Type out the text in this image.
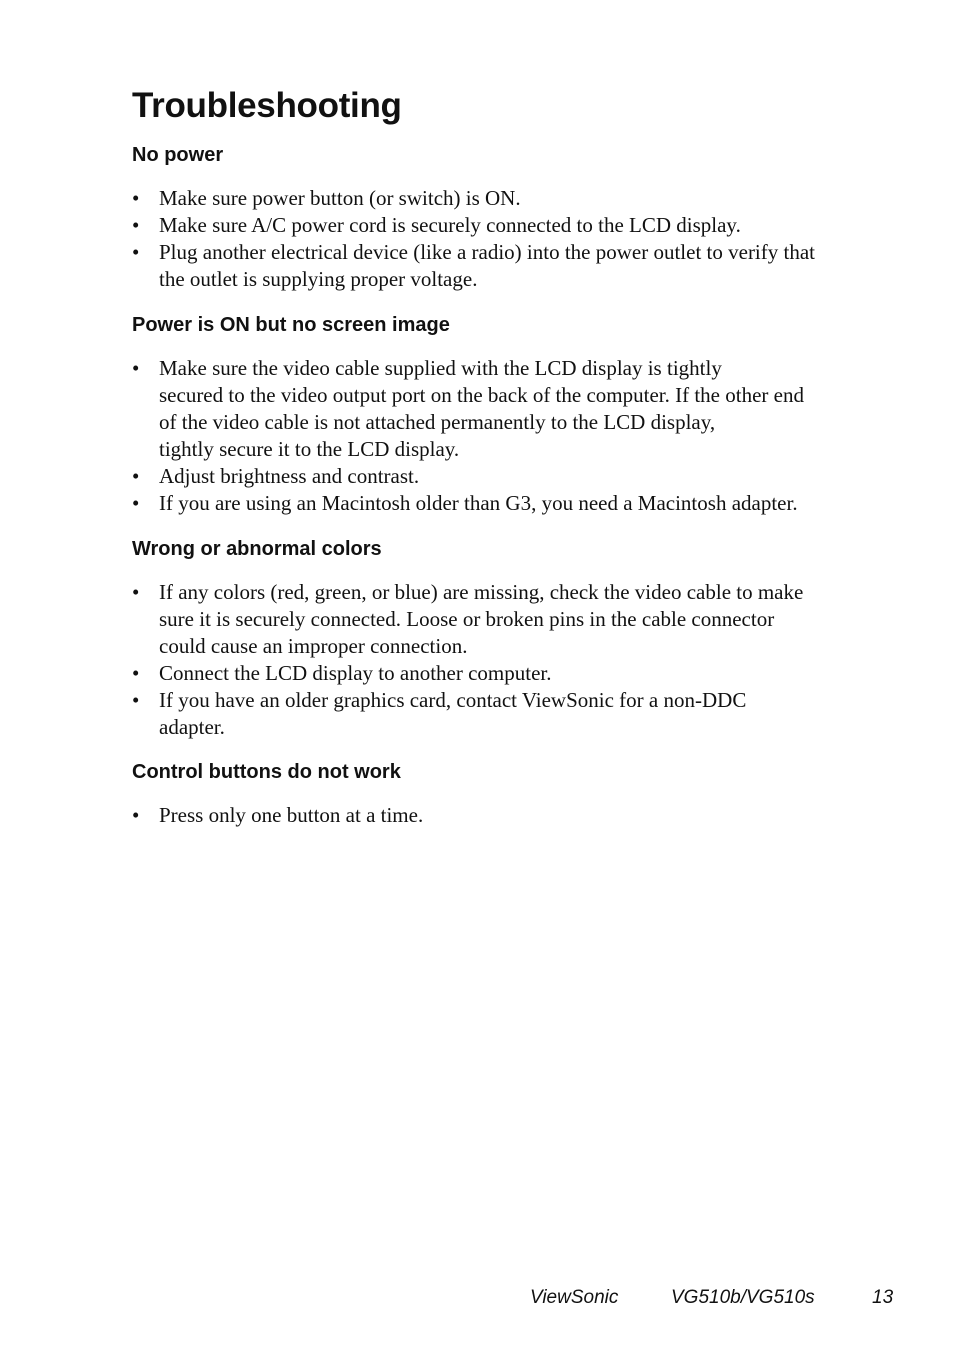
Troubleshooting
No power
• Make sure power button (or switch) is ON.
• Make sure A/C power cord is securely connected to the LCD display.
• Plug another electrical device (like a radio) into the power outlet to verify that
the outlet is supplying proper voltage.
Power is ON but no screen image
• Make sure the video cable supplied with the LCD display is tightly
secured to the video output port on the back of the computer. If the other end
of the video cable is not attached permanently to the LCD display,
tightly secure it to the LCD display.
• Adjust brightness and contrast.
• If you are using an Macintosh older than G3, you need a Macintosh adapter.
Wrong or abnormal colors
• If any colors (red, green, or blue) are missing, check the video cable to make
sure it is securely connected. Loose or broken pins in the cable connector
could cause an improper connection.
• Connect the LCD display to another computer.
• If you have an older graphics card, contact ViewSonic for a non-DDC
adapter.
Control buttons do not work
• Press only one button at a time.
ViewSonic	VG510b/VG510s	13
